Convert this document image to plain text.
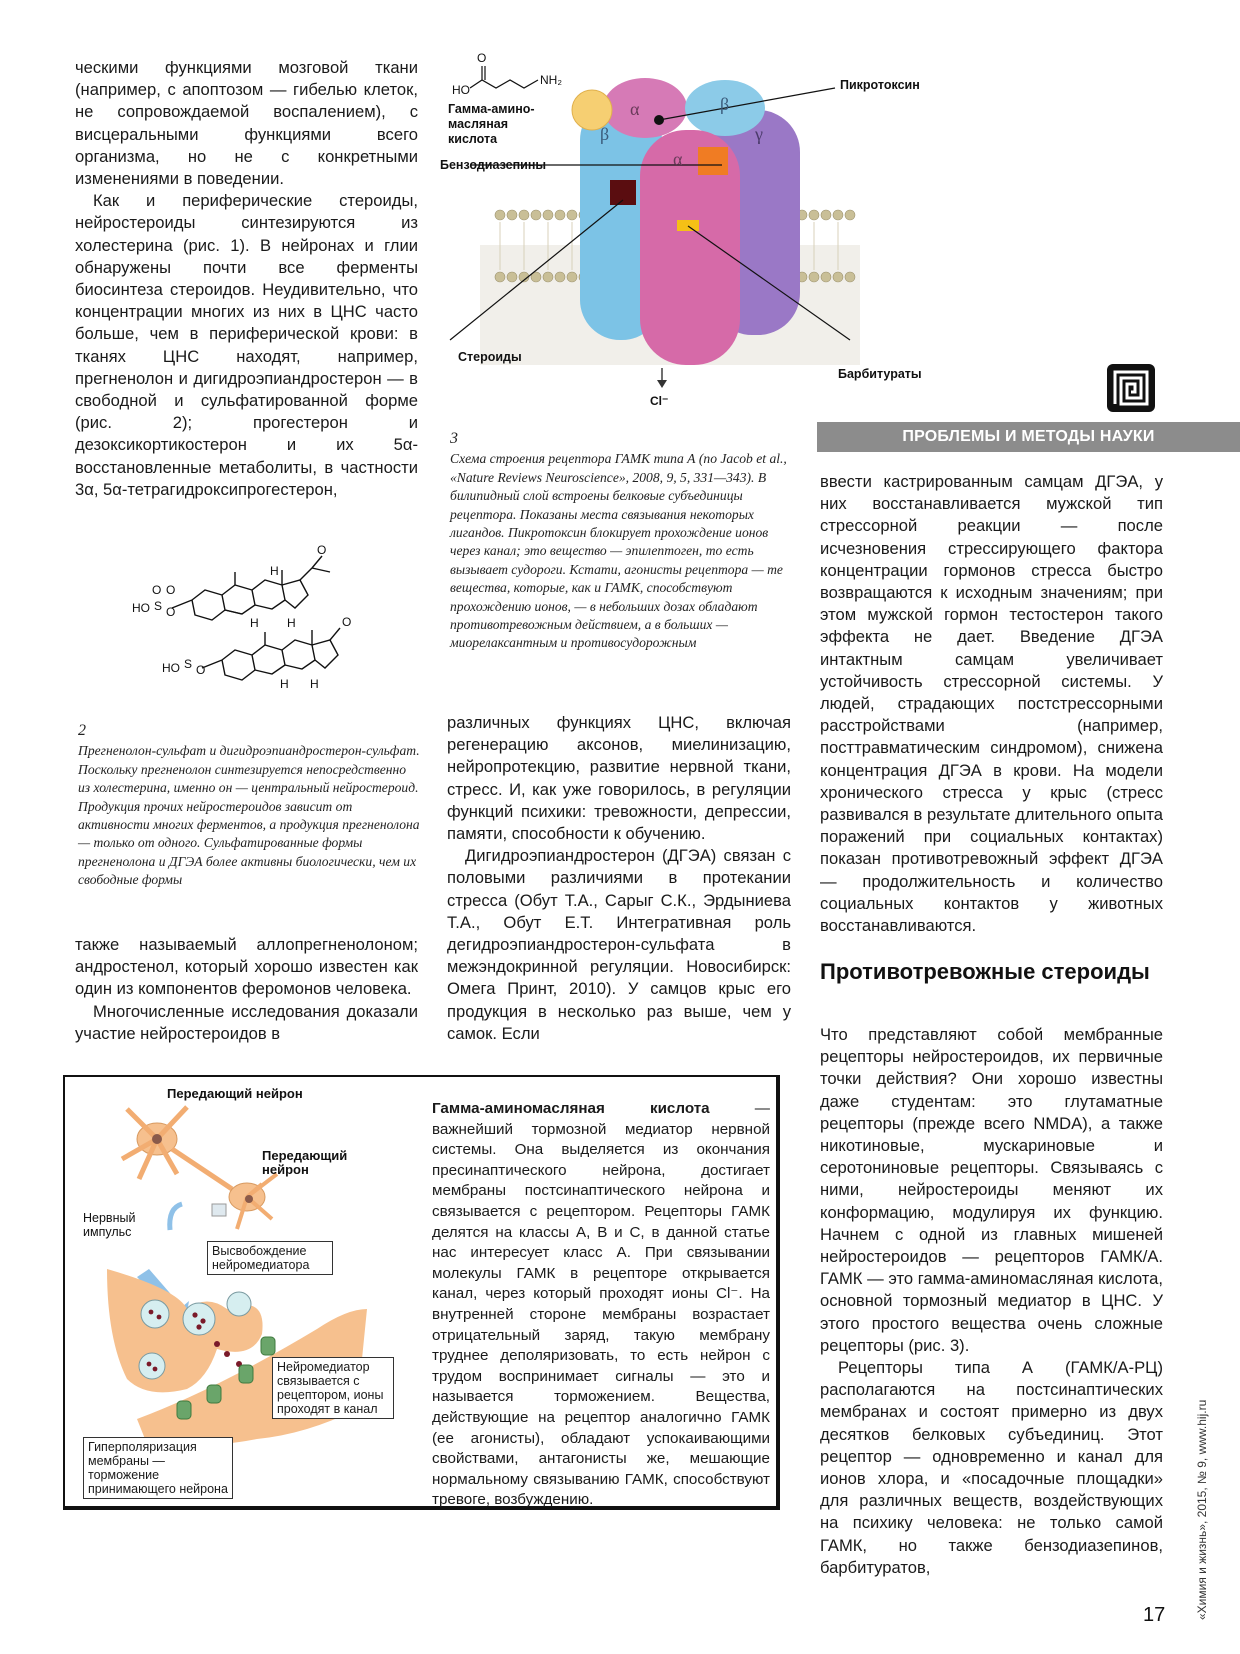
ческими функциями мозговой ткани (например, с апоптозом — гибелью клеток, не сопровождаемой воспалением), с висцеральными функциями всего организма, но не с конкретными изменениями в поведении.

Как и периферические стероиды, нейростероиды синтезируются из холестерина (рис. 1). В нейронах и глии обнаружены почти все ферменты биосинтеза стероидов. Неудивительно, что концентрации многих из них в ЦНС часто больше, чем в периферической крови: в тканях ЦНС находят, например, прегненолон и дигидроэпиандростерон — в свободной и сульфатированной форме (рис. 2); прогестерон и дезоксикортикостерон и их 5α-восстановленные метаболиты, в частности 3α, 5α-тетрагидроксипрогестерон,

O
HO S O
O O
H H
H
O
HO S O
H H
2
Прегненолон-сульфат и дигидроэпиандростерон-сульфат. Поскольку прегненолон синтезируется непосредственно из холестерина, именно он — центральный нейростероид. Продукция прочих нейростероидов зависит от активности многих ферментов, а продукция прегненолона — только от одного. Сульфатированные формы прегненолона и ДГЭА более активны биологически, чем их свободные формы

также называемый аллопрегненолоном; андростенол, который хорошо известен как один из компонентов феромонов человека.

Многочисленные исследования доказали участие нейростероидов в

HO
O
NH₂
α	β
β
α
γ
Cl⁻
Гамма-амино-масляная кислота
Бензодиазепины
Пикротоксин
Стероиды
Барбитураты
3
Схема строения рецептора ГАМК типа А (по Jacob et al., «Nature Reviews Neuroscience», 2008, 9, 5, 331—343). В билипидный слой встроены белковые субъединицы рецептора. Показаны места связывания некоторых лигандов. Пикротоксин блокирует прохождение ионов через канал; это вещество — эпилептоген, то есть вызывает судороги. Кстати, агонисты рецептора — те вещества, которые, как и ГАМК, способствуют прохождению ионов, — в небольших дозах обладают противотревожным действием, а в больших — миорелаксантным и противосудорожным

различных функциях ЦНС, включая регенерацию аксонов, миелинизацию, нейропротекцию, развитие нервной ткани, стресс. И, как уже говорилось, в регуляции функций психики: тревожности, депрессии, памяти, способности к обучению.

Дигидроэпиандростерон (ДГЭА) связан с половыми различиями в протекании стресса (Обут Т.А., Сарыг С.К., Эрдыниева Т.А., Обут Е.Т. Интегративная роль дегидроэпиандростерон-сульфата в межэндокринной регуляции. Новосибирск: Омега Принт, 2010). У самцов крыс его продукция в несколько раз выше, чем у самок. Если

ПРОБЛЕМЫ И МЕТОДЫ НАУКИ

ввести кастрированным самцам ДГЭА, у них восстанавливается мужской тип стрессорной реакции — после исчезновения стрессирующего фактора концентрации гормонов стресса быстро возвращаются к исходным значениям; при этом мужской гормон тестостерон такого эффекта не дает. Введение ДГЭА интактным самцам увеличивает устойчивость стрессорной системы. У людей, страдающих постстрессорными расстройствами (например, посттравматическим синдромом), снижена концентрация ДГЭА в крови. На модели хронического стресса у крыс (стресс развивался в результате длительного опыта поражений при социальных контактах) показан противотревожный эффект ДГЭА — продолжительность и количество социальных контактов у животных восстанавливаются.

Противотревожные стероиды

Что представляют собой мембранные рецепторы нейростероидов, их первичные точки действия? Они хорошо известны даже студентам: это глутаматные рецепторы (прежде всего NMDA), а также никотиновые, мускариновые и серотониновые рецепторы. Связываясь с ними, нейростероиды меняют их конформацию, модулируя их функцию. Начнем с одной из главных мишеней нейростероидов — рецепторов ГАМК/А. ГАМК — это гамма-аминомасляная кислота, основной тормозный медиатор в ЦНС. У этого простого вещества очень сложные рецепторы (рис. 3).

Рецепторы типа А (ГАМК/А-РЦ) располагаются на постсинаптических мембранах и состоят примерно из двух десятков белковых субъединиц. Этот рецептор — одновременно и канал для ионов хлора, и «посадочные площадки» для различных веществ, воздействующих на психику человека: не только самой ГАМК, но также бензодиазепинов, барбитуратов,

Передающий нейрон
Передающий нейрон
Нервный импульс
Высвобождение нейромедиатора
Нейромедиатор связывается с рецептором, ионы проходят в канал
Гиперполяризация мембраны — торможение принимающего нейрона
Гамма-аминомасляная кислота — важнейший тормозной медиатор нервной системы. Она выделяется из окончания пресинаптического нейрона, достигает мембраны постсинаптического нейрона и связывается с рецептором. Рецепторы ГАМК делятся на классы А, В и С, в данной статье нас интересует класс А. При связывании молекулы ГАМК в рецепторе открывается канал, через который проходят ионы Cl⁻. На внутренней стороне мембраны возрастает отрицательный заряд, такую мембрану труднее деполяризовать, то есть нейрон с трудом воспринимает сигналы — это и называется торможением. Вещества, действующие на рецептор аналогично ГАМК (ее агонисты), обладают успокаивающими свойствами, антагонисты же, мешающие нормальному связыванию ГАМК, способствуют тревоге, возбуждению.	«Химия и жизнь», 2015, № 9, www.hij.ru
17
